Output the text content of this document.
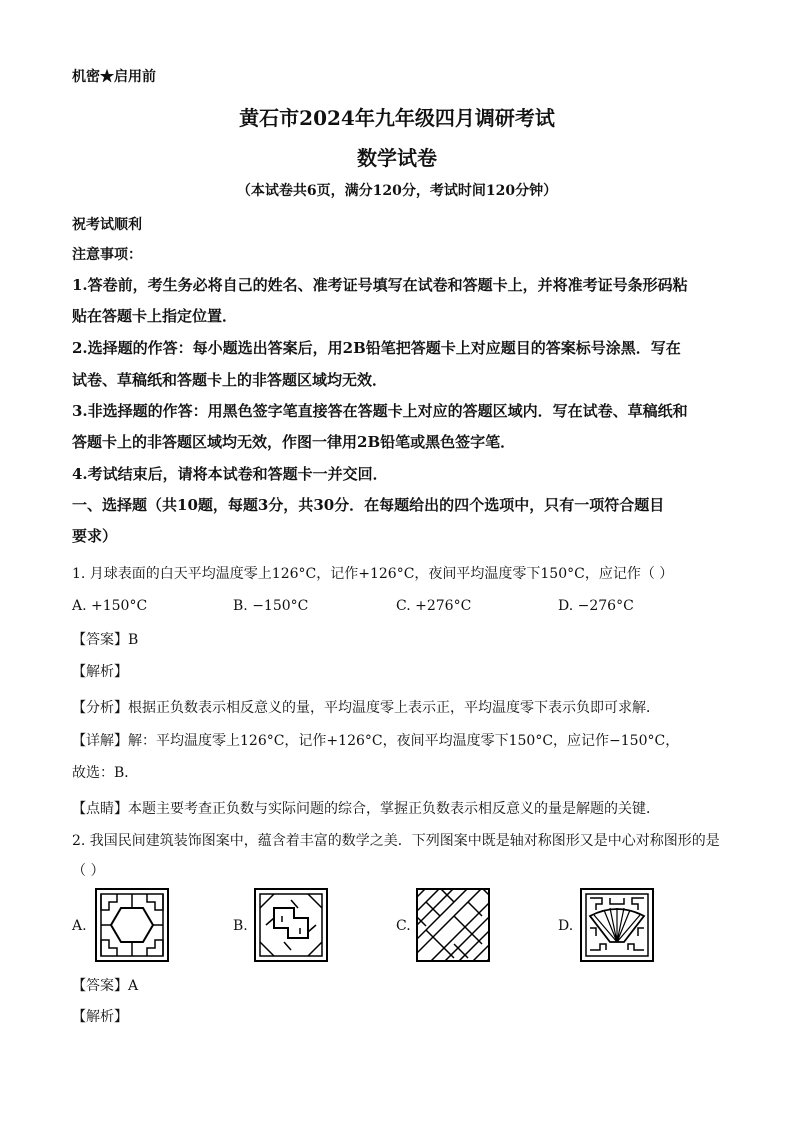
机密★启用前
黄石市2024年九年级四月调研考试
数学试卷
（本试卷共6页，满分120分，考试时间120分钟）
祝考试顺利
注意事项：
1.答卷前，考生务必将自己的姓名、准考证号填写在试卷和答题卡上，并将准考证号条形码粘
贴在答题卡上指定位置．
2.选择题的作答：每小题选出答案后，用2B铅笔把答题卡上对应题目的答案标号涂黑．写在
试卷、草稿纸和答题卡上的非答题区域均无效．
3.非选择题的作答：用黑色签字笔直接答在答题卡上对应的答题区域内．写在试卷、草稿纸和
答题卡上的非答题区域均无效，作图一律用2B铅笔或黑色签字笔．
4.考试结束后，请将本试卷和答题卡一并交回．
一、选择题（共10题，每题3分，共30分．在每题给出的四个选项中，只有一项符合题目
要求）
1. 月球表面的白天平均温度零上126°C，记作+126°C，夜间平均温度零下150°C，应记作（ ）
A. +150°C	B. −150°C	C. +276°C	D. −276°C
【答案】B
【解析】
【分析】根据正负数表示相反意义的量，平均温度零上表示正，平均温度零下表示负即可求解．
【详解】解：平均温度零上126°C，记作+126°C，夜间平均温度零下150°C，应记作−150°C，
故选：B．
【点睛】本题主要考查正负数与实际问题的综合，掌握正负数表示相反意义的量是解题的关键．
2. 我国民间建筑装饰图案中，蕴含着丰富的数学之美．下列图案中既是轴对称图形又是中心对称图形的是
（ ）
A.	B.	C.	D.
【答案】A
【解析】
